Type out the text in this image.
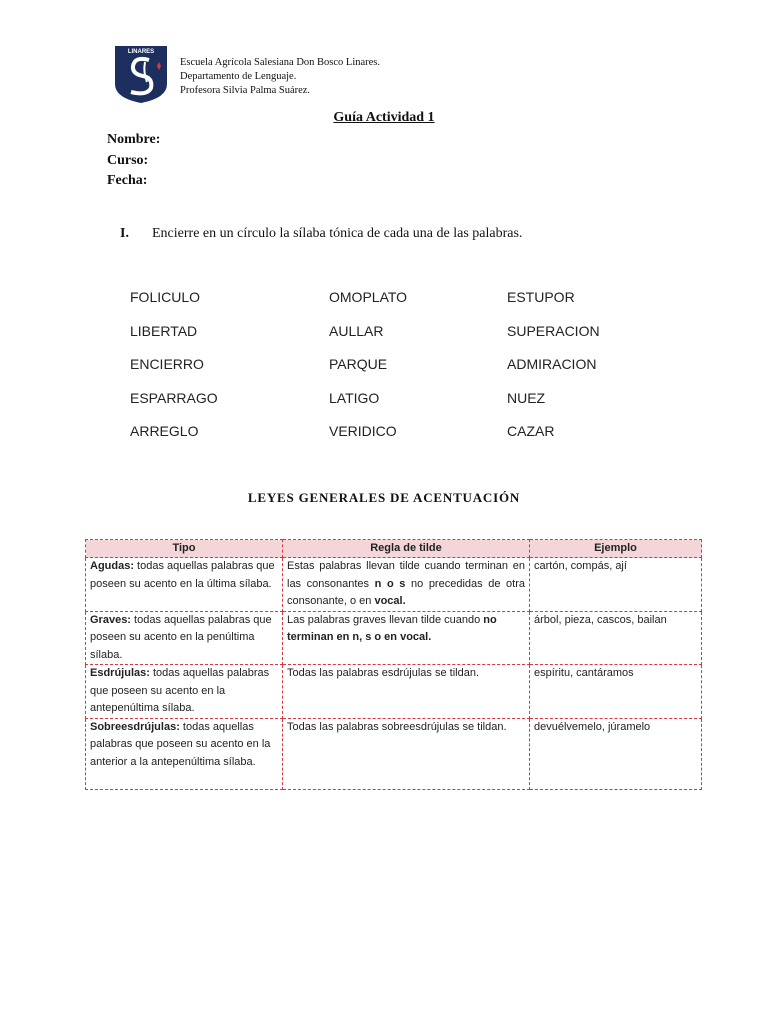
LINARES
Escuela Agrícola Salesiana Don Bosco Linares.
Departamento de Lenguaje.
Profesora Silvia Palma Suárez.
Guía Actividad 1
Nombre:
Curso:
Fecha:
I. Encierre en un círculo la sílaba tónica de cada una de las palabras.
FOLICULO	OMOPLATO	ESTUPOR
LIBERTAD	AULLAR	SUPERACION
ENCIERRO	PARQUE	ADMIRACION
ESPARRAGO	LATIGO	NUEZ
ARREGLO	VERIDICO	CAZAR
LEYES GENERALES DE ACENTUACIÓN
Tipo	Regla de tilde	Ejemplo
Agudas: todas aquellas palabras que poseen su acento en la última sílaba.	Estas palabras llevan tilde cuando terminan en las consonantes n o s no precedidas de otra consonante, o en vocal.	cartón, compás, ají
Graves: todas aquellas palabras que poseen su acento en la penúltima sílaba.	Las palabras graves llevan tilde cuando no terminan en n, s o en vocal.	árbol, pieza, cascos, bailan
Esdrújulas: todas aquellas palabras que poseen su acento en la antepenúltima sílaba.	Todas las palabras esdrújulas se tildan.	espíritu, cantáramos
Sobreesdrújulas: todas aquellas palabras que poseen su acento en la anterior a la antepenúltima sílaba.	Todas las palabras sobreesdrújulas se tildan.	devuélvemelo, júramelo
